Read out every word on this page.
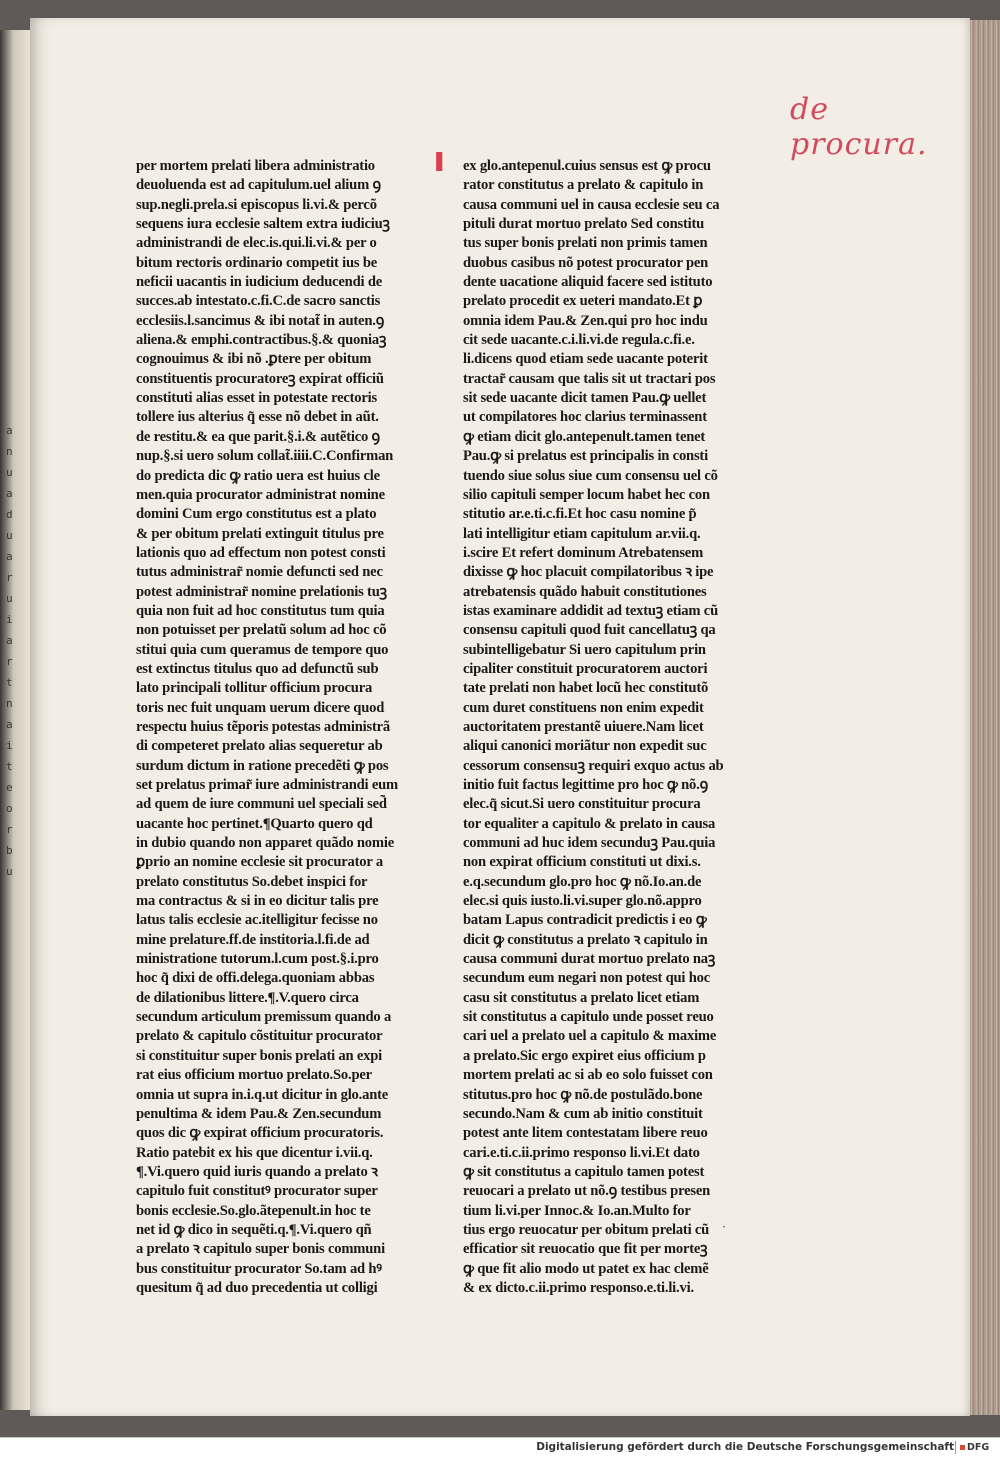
a
n
u
a
d
u
a
r
u
i
a
r
t
n
a
i
t
e
o
r
b
u
de procura.
I
per mortem prelati libera administratio
deuoluenda est ad capitulum.uel alium ꝯ
sup.negli.prela.si episcopus li.vi.& percõ
sequens iura ecclesie saltem extra iudiciuꝫ
administrandi de elec.is.qui.li.vi.& per o
bitum rectoris ordinario competit ius be
neficii uacantis in iudicium deducendi de
succes.ab intestato.c.fi.C.de sacro sanctis
ecclesiis.l.sancimus & ibi notat̃ in auten.ꝯ
aliena.& emphi.contractibus.§.& quoniaꝫ
cognouimus & ibi nõ .ꝑtere per obitum
constituentis procuratoreꝫ expirat officiũ
constituti alias esset in potestate rectoris
tollere ius alterius q̃ esse nõ debet in aũt.
de restitu.& ea que parit.§.i.& autẽtico ꝯ
nup.§.si uero solum collat̃.iiii.C.Confirman
do predicta dic ꝙ ratio uera est huius cle
men.quia procurator administrat nomine
domini Cum ergo constitutus est a plato
& per obitum prelati extinguit titulus pre
lationis quo ad effectum non potest consti
tutus administrar̃ nomie defuncti sed nec
potest administrar̃ nomine prelationis tuꝫ
quia non fuit ad hoc constitutus tum quia
non potuisset per prelatũ solum ad hoc cõ
stitui quia cum queramus de tempore quo
est extinctus titulus quo ad defunctũ sub
lato principali tollitur officium procura
toris nec fuit unquam uerum dicere quod
respectu huius tẽporis potestas administrã
di competeret prelato alias sequeretur ab
surdum dictum in ratione precedẽti ꝙ pos
set prelatus primar̃ iure administrandi eum
ad quem de iure communi uel speciali sed̃
uacante hoc pertinet.¶Quarto quero qd
in dubio quando non apparet quãdo nomie
ꝑprio an nomine ecclesie sit procurator a
prelato constitutus So.debet inspici for
ma contractus & si in eo dicitur talis pre
latus talis ecclesie ac.itelligitur fecisse no
mine prelature.ff.de institoria.l.fi.de ad
ministratione tutorum.l.cum post.§.i.pro
hoc q̃ dixi de offi.delega.quoniam abbas
de dilationibus littere.¶.V.quero circa
secundum articulum premissum quando a
prelato & capitulo cõstituitur procurator
si constituitur super bonis prelati an expi
rat eius officium mortuo prelato.So.per
omnia ut supra in.i.q.ut dicitur in glo.ante
penultima & idem Pau.& Zen.secundum
quos dic ꝙ expirat officium procuratoris.
Ratio patebit ex his que dicentur i.vii.q.
¶.Vi.quero quid iuris quando a prelato ꝛ
capitulo fuit constitutꝰ procurator super
bonis ecclesie.So.glo.ãtepenult.in hoc te
net id ꝙ dico in sequẽti.q.¶.Vi.quero qñ
a prelato ꝛ capitulo super bonis communi
bus constituitur procurator So.tam ad hꝰ
quesitum q̃ ad duo precedentia ut colligi
ex glo.antepenul.cuius sensus est ꝙ procu
rator constitutus a prelato & capitulo in
causa communi uel in causa ecclesie seu ca
pituli durat mortuo prelato Sed constitu
tus super bonis prelati non primis tamen
duobus casibus nõ potest procurator pen
dente uacatione aliquid facere sed istituto
prelato procedit ex ueteri mandato.Et ꝑ
omnia idem Pau.& Zen.qui pro hoc indu
cit sede uacante.c.i.li.vi.de regula.c.fi.e.
li.dicens quod etiam sede uacante poterit
tractar̃ causam que talis sit ut tractari pos
sit sede uacante dicit tamen Pau.ꝙ uellet
ut compilatores hoc clarius terminassent
ꝙ etiam dicit glo.antepenult.tamen tenet
Pau.ꝙ si prelatus est principalis in consti
tuendo siue solus siue cum consensu uel cõ
silio capituli semper locum habet hec con
stitutio ar.e.ti.c.fi.Et hoc casu nomine p̃
lati intelligitur etiam capitulum ar.vii.q.
i.scire Et refert dominum Atrebatensem
dixisse ꝙ hoc placuit compilatoribus ꝛ ipe
atrebatensis quãdo habuit constitutiones
istas examinare addidit ad textuꝫ etiam cũ
consensu capituli quod fuit cancellatuꝫ qa
subintelligebatur Si uero capitulum prin
cipaliter constituit procuratorem auctori
tate prelati non habet locũ hec constitutõ
cum duret constituens non enim expedit
auctoritatem prestantẽ uiuere.Nam licet
aliqui canonici moriãtur non expedit suc
cessorum consensuꝫ requiri exquo actus ab
initio fuit factus legittime pro hoc ꝙ nõ.ꝯ
elec.q̃ sicut.Si uero constituitur procura
tor equaliter a capitulo & prelato in causa
communi ad huc idem secunduꝫ Pau.quia
non expirat officium constituti ut dixi.s.
e.q.secundum glo.pro hoc ꝙ nõ.Io.an.de
elec.si quis iusto.li.vi.super glo.nõ.appro
batam Lapus contradicit predictis i eo ꝙ
dicit ꝙ constitutus a prelato ꝛ capitulo in
causa communi durat mortuo prelato naꝫ
secundum eum negari non potest qui hoc
casu sit constitutus a prelato licet etiam
sit constitutus a capitulo unde posset reuo
cari uel a prelato uel a capitulo & maxime
a prelato.Sic ergo expiret eius officium p
mortem prelati ac si ab eo solo fuisset con
stitutus.pro hoc ꝙ nõ.de postulãdo.bone
secundo.Nam & cum ab initio constituit
potest ante litem contestatam libere reuo
cari.e.ti.c.ii.primo responso li.vi.Et dato
ꝙ sit constitutus a capitulo tamen potest
reuocari a prelato ut nõ.ꝯ testibus presen
tium li.vi.per Innoc.& Io.an.Multo for
tius ergo reuocatur per obitum prelati cũ
efficatior sit reuocatio que fit per morteꝫ
ꝙ que fit alio modo ut patet ex hac clemẽ
& ex dicto.c.ii.primo responso.e.ti.li.vi.
·
Digitalisierung gefördert durch die Deutsche Forschungsgemeinschaft	DFG
